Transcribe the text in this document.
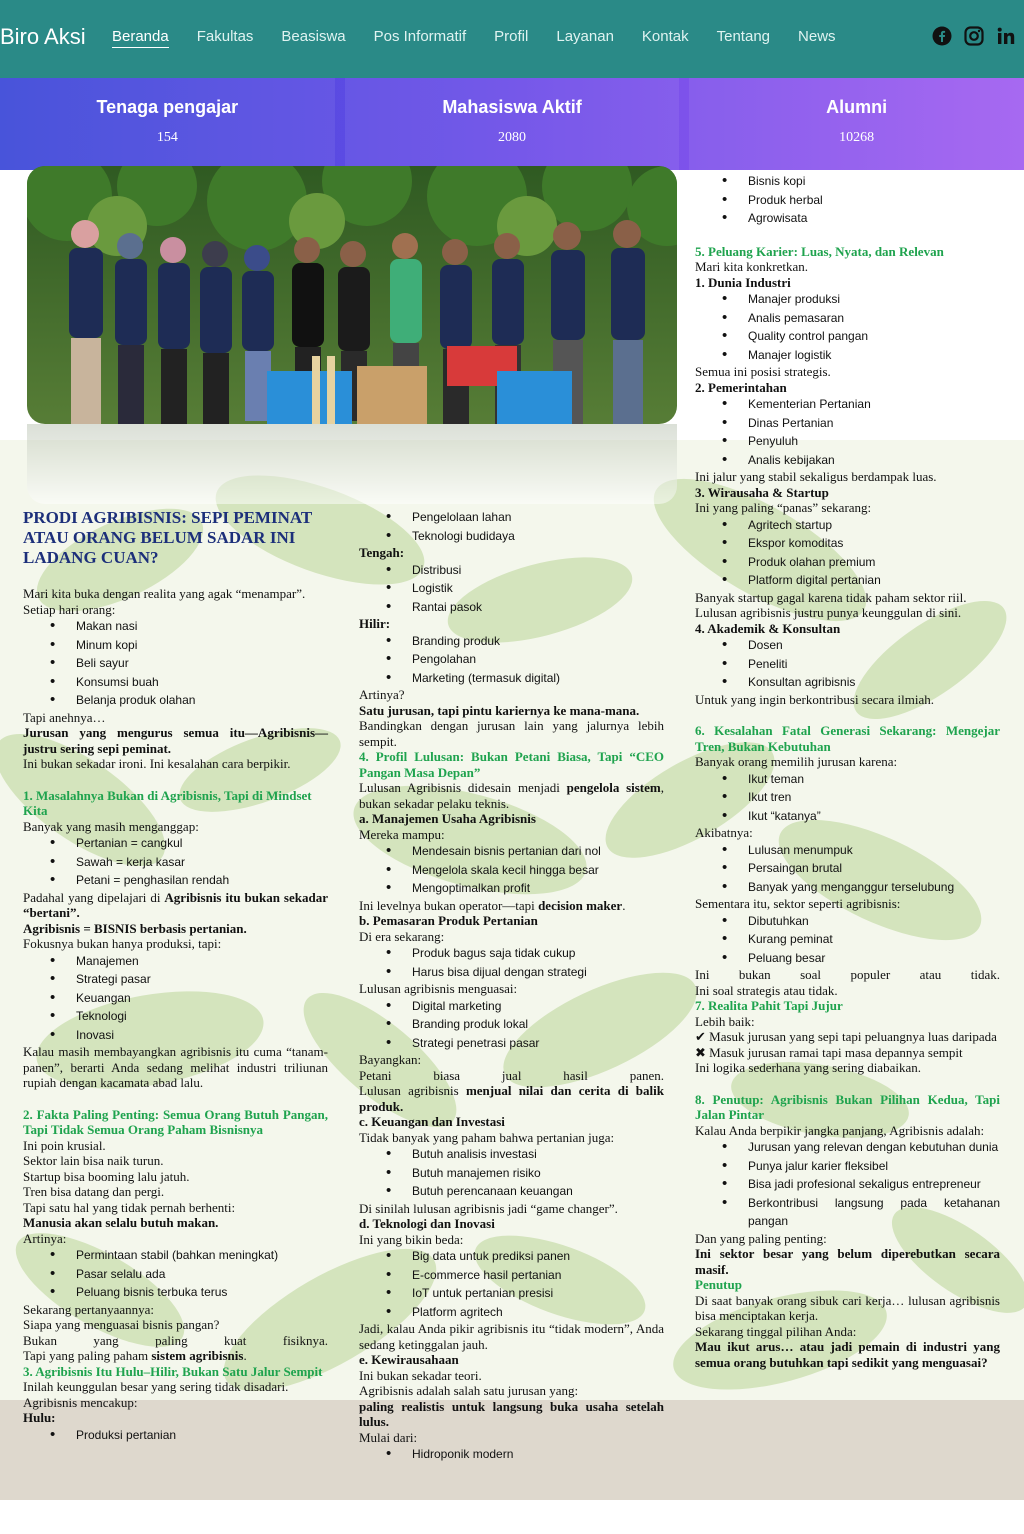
Biro Aksi Beranda Fakultas Beasiswa Pos Informatif Profil Layanan Kontak Tentang News
Tenaga pengajar
154
Mahasiswa Aktif
2080
Alumni
10268
PRODI AGRIBISNIS: SEPI PEMINAT ATAU ORANG BELUM SADAR INI LADANG CUAN?

Mari kita buka dengan realita yang agak “menampar”.

Setiap hari orang:

• Makan nasi
• Minum kopi
• Beli sayur
• Konsumsi buah
• Belanja produk olahan

Tapi anehnya…

Jurusan yang mengurus semua itu—Agribisnis—justru sering sepi peminat.

Ini bukan sekadar ironi. Ini kesalahan cara berpikir.

1. Masalahnya Bukan di Agribisnis, Tapi di Mindset Kita

Banyak yang masih menganggap:

• Pertanian = cangkul
• Sawah = kerja kasar
• Petani = penghasilan rendah

Padahal yang dipelajari di Agribisnis itu bukan sekadar “bertani”.

Agribisnis = BISNIS berbasis pertanian.

Fokusnya bukan hanya produksi, tapi:

• Manajemen
• Strategi pasar
• Keuangan
• Teknologi
• Inovasi

Kalau masih membayangkan agribisnis itu cuma “tanam-panen”, berarti Anda sedang melihat industri triliunan rupiah dengan kacamata abad lalu.

2. Fakta Paling Penting: Semua Orang Butuh Pangan, Tapi Tidak Semua Orang Paham Bisnisnya

Ini poin krusial.

Sektor lain bisa naik turun.

Startup bisa booming lalu jatuh.

Tren bisa datang dan pergi.

Tapi satu hal yang tidak pernah berhenti:

Manusia akan selalu butuh makan.

Artinya:

• Permintaan stabil (bahkan meningkat)
• Pasar selalu ada
• Peluang bisnis terbuka terus

Sekarang pertanyaannya:

Siapa yang menguasai bisnis pangan?

Bukan yang paling kuat fisiknya.

Tapi yang paling paham sistem agribisnis.

3. Agribisnis Itu Hulu–Hilir, Bukan Satu Jalur Sempit

Inilah keunggulan besar yang sering tidak disadari.

Agribisnis mencakup:

Hulu:

• Produksi pertanian
• Pengelolaan lahan
• Teknologi budidaya

Tengah:

• Distribusi
• Logistik
• Rantai pasok

Hilir:

• Branding produk
• Pengolahan
• Marketing (termasuk digital)

Artinya?

Satu jurusan, tapi pintu kariernya ke mana-mana.

Bandingkan dengan jurusan lain yang jalurnya lebih sempit.

4. Profil Lulusan: Bukan Petani Biasa, Tapi “CEO Pangan Masa Depan”

Lulusan Agribisnis didesain menjadi pengelola sistem, bukan sekadar pelaku teknis.

a. Manajemen Usaha Agribisnis

Mereka mampu:

• Mendesain bisnis pertanian dari nol
• Mengelola skala kecil hingga besar
• Mengoptimalkan profit

Ini levelnya bukan operator—tapi decision maker.

b. Pemasaran Produk Pertanian

Di era sekarang:

• Produk bagus saja tidak cukup
• Harus bisa dijual dengan strategi

Lulusan agribisnis menguasai:

• Digital marketing
• Branding produk lokal
• Strategi penetrasi pasar

Bayangkan:

Petani biasa jual hasil panen.

Lulusan agribisnis menjual nilai dan cerita di balik produk.

c. Keuangan dan Investasi

Tidak banyak yang paham bahwa pertanian juga:

• Butuh analisis investasi
• Butuh manajemen risiko
• Butuh perencanaan keuangan

Di sinilah lulusan agribisnis jadi “game changer”.

d. Teknologi dan Inovasi

Ini yang bikin beda:

• Big data untuk prediksi panen
• E-commerce hasil pertanian
• IoT untuk pertanian presisi
• Platform agritech

Jadi, kalau Anda pikir agribisnis itu “tidak modern”, Anda sedang ketinggalan jauh.

e. Kewirausahaan

Ini bukan sekadar teori.

Agribisnis adalah salah satu jurusan yang:

paling realistis untuk langsung buka usaha setelah lulus.

Mulai dari:

• Hidroponik modern
• Bisnis kopi
• Produk herbal
• Agrowisata

5. Peluang Karier: Luas, Nyata, dan Relevan

Mari kita konkretkan.

1. Dunia Industri

• Manajer produksi
• Analis pemasaran
• Quality control pangan
• Manajer logistik

Semua ini posisi strategis.

2. Pemerintahan

• Kementerian Pertanian
• Dinas Pertanian
• Penyuluh
• Analis kebijakan

Ini jalur yang stabil sekaligus berdampak luas.

3. Wirausaha & Startup

Ini yang paling “panas” sekarang:

• Agritech startup
• Ekspor komoditas
• Produk olahan premium
• Platform digital pertanian

Banyak startup gagal karena tidak paham sektor riil.

Lulusan agribisnis justru punya keunggulan di sini.

4. Akademik & Konsultan

• Dosen
• Peneliti
• Konsultan agribisnis

Untuk yang ingin berkontribusi secara ilmiah.

6. Kesalahan Fatal Generasi Sekarang: Mengejar Tren, Bukan Kebutuhan

Banyak orang memilih jurusan karena:

• Ikut teman
• Ikut tren
• Ikut “katanya”

Akibatnya:

• Lulusan menumpuk
• Persaingan brutal
• Banyak yang menganggur terselubung

Sementara itu, sektor seperti agribisnis:

• Dibutuhkan
• Kurang peminat
• Peluang besar

Ini bukan soal populer atau tidak.

Ini soal strategis atau tidak.

7. Realita Pahit Tapi Jujur

Lebih baik:

✔ Masuk jurusan yang sepi tapi peluangnya luas daripada

✖ Masuk jurusan ramai tapi masa depannya sempit

Ini logika sederhana yang sering diabaikan.

8. Penutup: Agribisnis Bukan Pilihan Kedua, Tapi Jalan Pintar

Kalau Anda berpikir jangka panjang, Agribisnis adalah:

• Jurusan yang relevan dengan kebutuhan dunia
• Punya jalur karier fleksibel
• Bisa jadi profesional sekaligus entrepreneur
• Berkontribusi langsung pada ketahanan pangan

Dan yang paling penting:

Ini sektor besar yang belum diperebutkan secara masif.

Penutup

Di saat banyak orang sibuk cari kerja… lulusan agribisnis bisa menciptakan kerja.

Sekarang tinggal pilihan Anda:

Mau ikut arus… atau jadi pemain di industri yang semua orang butuhkan tapi sedikit yang menguasai?
